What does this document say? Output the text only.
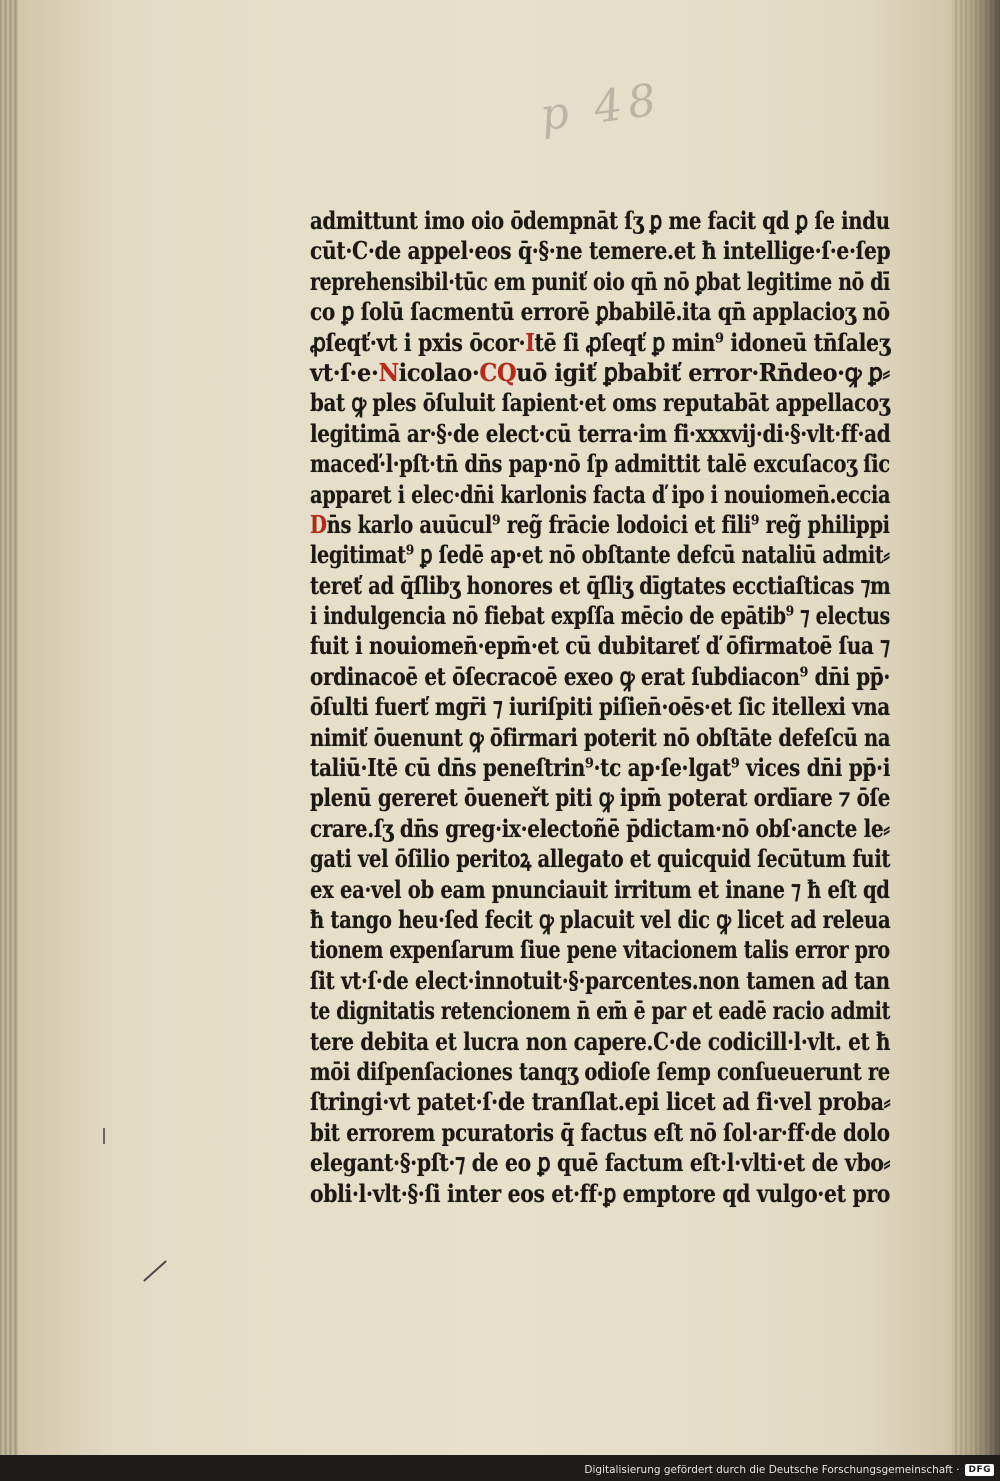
p 48
admittunt imo oio ōdempnāt ſʒ ꝑ me facit qd ꝑ ſe indu
cūt·C·de appel·eos q̄·§·ne temere.et ħ intellige·ſ·e·ſep
reprehensibil·tūc em puniť oio qn̄ nō ꝑbat legitime nō dī
co ꝑ ſolū ſacmentū errorē ꝑbabilē.ita qn̄ applacioʒ nō
ꝓſeqť·vt i pxis ōcor·Itē ſi ꝓſeqť ꝑ min⁹ idoneū tn̄ſaleʒ
vt·ſ·e·Nicolao·CQuō igiť ꝑbabiť error·Rn̄deo·ꝙ ꝑ⸗
bat ꝙ ples ōſuluit ſapient·et oms reputabāt appellacoʒ
legitimā ar·§·de elect·cū terra·im fi·xxxvij·di·§·vlt·ff·ad
maceď·l·pſt·tn̄ dn̄s pap·nō ſp admittit talē excuſacoʒ ſic
apparet i elec·dn̄i karlonis facta ď ipo i nouiomen̄.eccia
Dn̄s karlo auūcul⁹ reg̃ frācie lodoici et fili⁹ reg̃ philippi
legitimat⁹ ꝑ ſedē ap·et nō obſtante defcū nataliū admit⸗
tereť ad q̄ſlibʒ honores et q̄ſliʒ dīgtates ecctiaſticas ⁊m
i indulgencia nō fiebat expſſa mēcio de epātib⁹ ⁊ electus
fuit i nouiomen̄·epm̄·et cū dubitareť ď ōfirmatoē ſua ⁊
ordinacoē et ōſecracoē exeo ꝙ erat ſubdiacon⁹ dn̄i pp̄·
ōſulti fuerť mgr̄i ⁊ iuriſpiti piſien̄·oēs·et ſic itellexi vna
nimiť ōuenunt ꝙ ōfirmari poterit nō obſtāte defeſcū na
taliū·Itē cū dn̄s peneſtrin⁹·tc ap·ſe·lgat⁹ vices dn̄i pp̄·i
plenū gereret ōueneřt piti ꝙ ipm̄ poterat ordīare ⁊ ōſe
crare.ſʒ dn̄s greg·ix·electoñē p̄dictam·nō obſ·ancte le⸗
gati vel ōſilio peritoꝝ allegato et quicquid ſecūtum fuit
ex ea·vel ob eam pnunciauit irritum et inane ⁊ ħ eſt qd
ħ tango heu·ſed fecit ꝙ placuit vel dic ꝙ licet ad releua
tionem expenſarum ſiue pene vitacionem talis error pro
ſit vt·ſ·de elect·innotuit·§·parcentes.non tamen ad tan
te dignitatis retencionem n̄ em̄ ē par et eadē racio admit
tere debita et lucra non capere.C·de codicill·l·vlt. et ħ
mōi diſpenſaciones tanqʒ odioſe ſemp conſueuerunt re
ſtringi·vt patet·ſ·de tranſlat.epi licet ad fi·vel proba⸗
bit errorem pcuratoris q̄ factus eſt nō ſol·ar·ff·de dolo
elegant·§·pſt·⁊ de eo ꝑ quē factum eſt·l·vlti·et de vbo⸗
obli·l·vlt·§·ſi inter eos et·ff·ꝑ emptore qd vulgo·et pro
Digitalisierung gefördert durch die Deutsche Forschungsgemeinschaft ·	DFG
